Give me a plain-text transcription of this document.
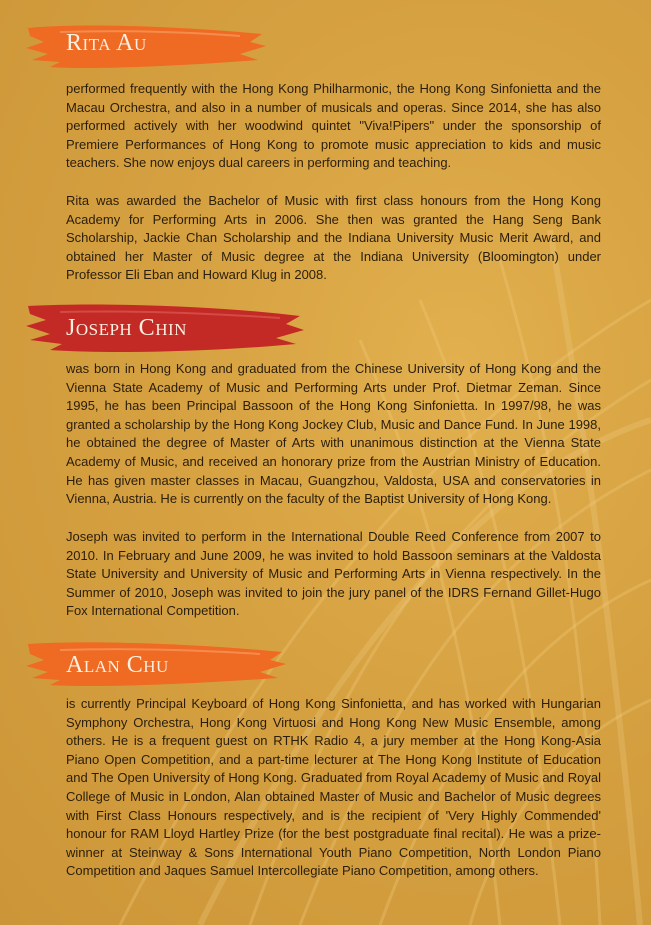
Rita Au

performed frequently with the Hong Kong Philharmonic, the Hong Kong Sinfonietta and the Macau Orchestra, and also in a number of musicals and operas. Since 2014, she has also performed actively with her woodwind quintet "Viva!Pipers" under the sponsorship of Premiere Performances of Hong Kong to promote music appreciation to kids and music teachers. She now enjoys dual careers in performing and teaching.

Rita was awarded the Bachelor of Music with first class honours from the Hong Kong Academy for Performing Arts in 2006. She then was granted the Hang Seng Bank Scholarship, Jackie Chan Scholarship and the Indiana University Music Merit Award, and obtained her Master of Music degree at the Indiana University (Bloomington) under Professor Eli Eban and Howard Klug in 2008.

Joseph Chin

was born in Hong Kong and graduated from the Chinese University of Hong Kong and the Vienna State Academy of Music and Performing Arts under Prof. Dietmar Zeman. Since 1995, he has been Principal Bassoon of the Hong Kong Sinfonietta. In 1997/98, he was granted a scholarship by the Hong Kong Jockey Club, Music and Dance Fund. In June 1998, he obtained the degree of Master of Arts with unanimous distinction at the Vienna State Academy of Music, and received an honorary prize from the Austrian Ministry of Education. He has given master classes in Macau, Guangzhou, Valdosta, USA and conservatories in Vienna, Austria. He is currently on the faculty of the Baptist University of Hong Kong.

Joseph was invited to perform in the International Double Reed Conference from 2007 to 2010. In February and June 2009, he was invited to hold Bassoon seminars at the Valdosta State University and University of Music and Performing Arts in Vienna respectively. In the Summer of 2010, Joseph was invited to join the jury panel of the IDRS Fernand Gillet-Hugo Fox International Competition.

Alan Chu

is currently Principal Keyboard of Hong Kong Sinfonietta, and has worked with Hungarian Symphony Orchestra, Hong Kong Virtuosi and Hong Kong New Music Ensemble, among others. He is a frequent guest on RTHK Radio 4, a jury member at the Hong Kong-Asia Piano Open Competition, and a part-time lecturer at The Hong Kong Institute of Education and The Open University of Hong Kong. Graduated from Royal Academy of Music and Royal College of Music in London, Alan obtained Master of Music and Bachelor of Music degrees with First Class Honours respectively, and is the recipient of 'Very Highly Commended' honour for RAM Lloyd Hartley Prize (for the best postgraduate final recital). He was a prize-winner at Steinway & Sons International Youth Piano Competition, North London Piano Competition and Jaques Samuel Intercollegiate Piano Competition, among others.
